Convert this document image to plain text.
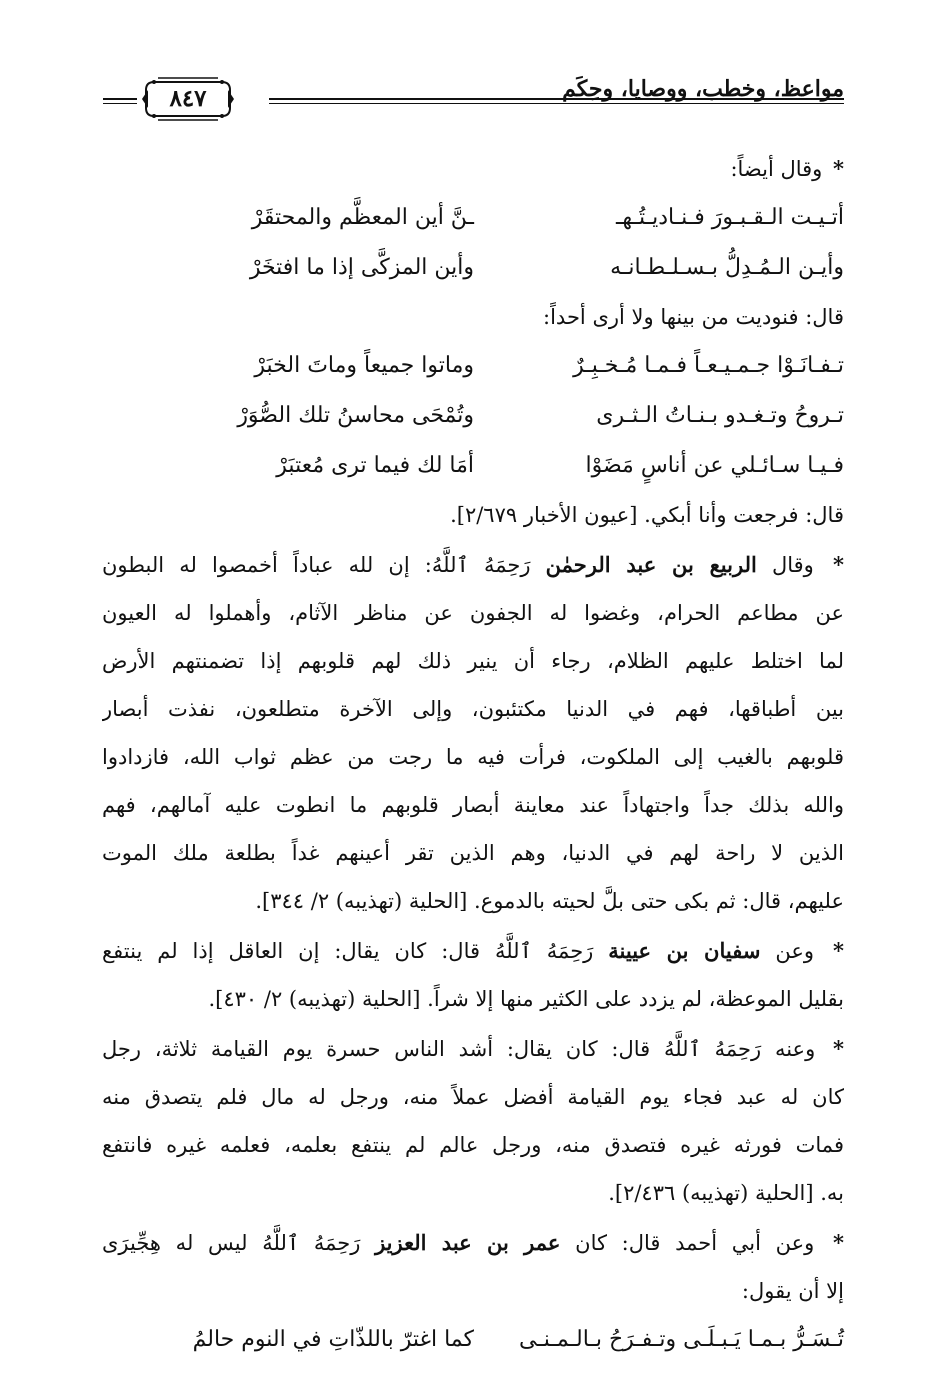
مواعظ، وخطب، ووصايا، وحِكَم
٨٤٧
* وقال أيضاً:
أتـيـت الـقـبـورَ فـنـاديـتُـهـ
ـنَّ أين المعظَّم والمحتقَرْ
وأيـن الـمُـدِلُّ بـسـلـطـانـه
وأين المزكَّى إذا ما افتخَرْ
قال: فنوديت من بينها ولا أرى أحداً:
تـفـانَـوْا جـمـيـعـاً فـمـا مُـخـبِـرٌ
وماتوا جميعاً وماتَ الخبَرْ
تـروحُ وتـغـدو بـنـاتُ الـثـرى
وتُمْحَى محاسنُ تلك الصُّوَرْ
فـيـا سـائـلي عن أناسٍ مَضَوْا
أمَا لك فيما ترى مُعتبَرْ
قال: فرجعت وأنا أبكي. [عيون الأخبار ٢/٦٧٩].
* وقال الربيع بن عبد الرحمٰن رَحِمَهُ ٱللَّهُ: إن لله عباداً أخمصوا له البطون
عن مطاعم الحرام، وغضوا له الجفون عن مناظر الآثام، وأهملوا له العيون
لما اختلط عليهم الظلام، رجاء أن ينير ذلك لهم قلوبهم إذا تضمنتهم الأرض
بين أطباقها، فهم في الدنيا مكتئبون، وإلى الآخرة متطلعون، نفذت أبصار
قلوبهم بالغيب إلى الملكوت، فرأت فيه ما رجت من عظم ثواب الله، فازدادوا
والله بذلك جداً واجتهاداً عند معاينة أبصار قلوبهم ما انطوت عليه آمالهم، فهم
الذين لا راحة لهم في الدنيا، وهم الذين تقر أعينهم غداً بطلعة ملك الموت
عليهم، قال: ثم بكى حتى بلَّ لحيته بالدموع. [الحلية (تهذيبه) ٢/ ٣٤٤].
* وعن سفيان بن عيينة رَحِمَهُ ٱللَّهُ قال: كان يقال: إن العاقل إذا لم ينتفع
بقليل الموعظة، لم يزدد على الكثير منها إلا شراً. [الحلية (تهذيبه) ٢/ ٤٣٠].
* وعنه رَحِمَهُ ٱللَّهُ قال: كان يقال: أشد الناس حسرة يوم القيامة ثلاثة، رجل
كان له عبد فجاء يوم القيامة أفضل عملاً منه، ورجل له مال فلم يتصدق منه
فمات فورثه غيره فتصدق منه، ورجل عالم لم ينتفع بعلمه، فعلمه غيره فانتفع
به. [الحلية (تهذيبه) ٢/٤٣٦].
* وعن أبي أحمد قال: كان عمر بن عبد العزيز رَحِمَهُ ٱللَّهُ ليس له هِجِّيرَى
إلا أن يقول:
تُـسَـرُّ بـمـا يَـبـلَـى وتـفـرَحُ بـالـمـنـى
كما اغترّ باللذّاتِ في النوم حالمُ
